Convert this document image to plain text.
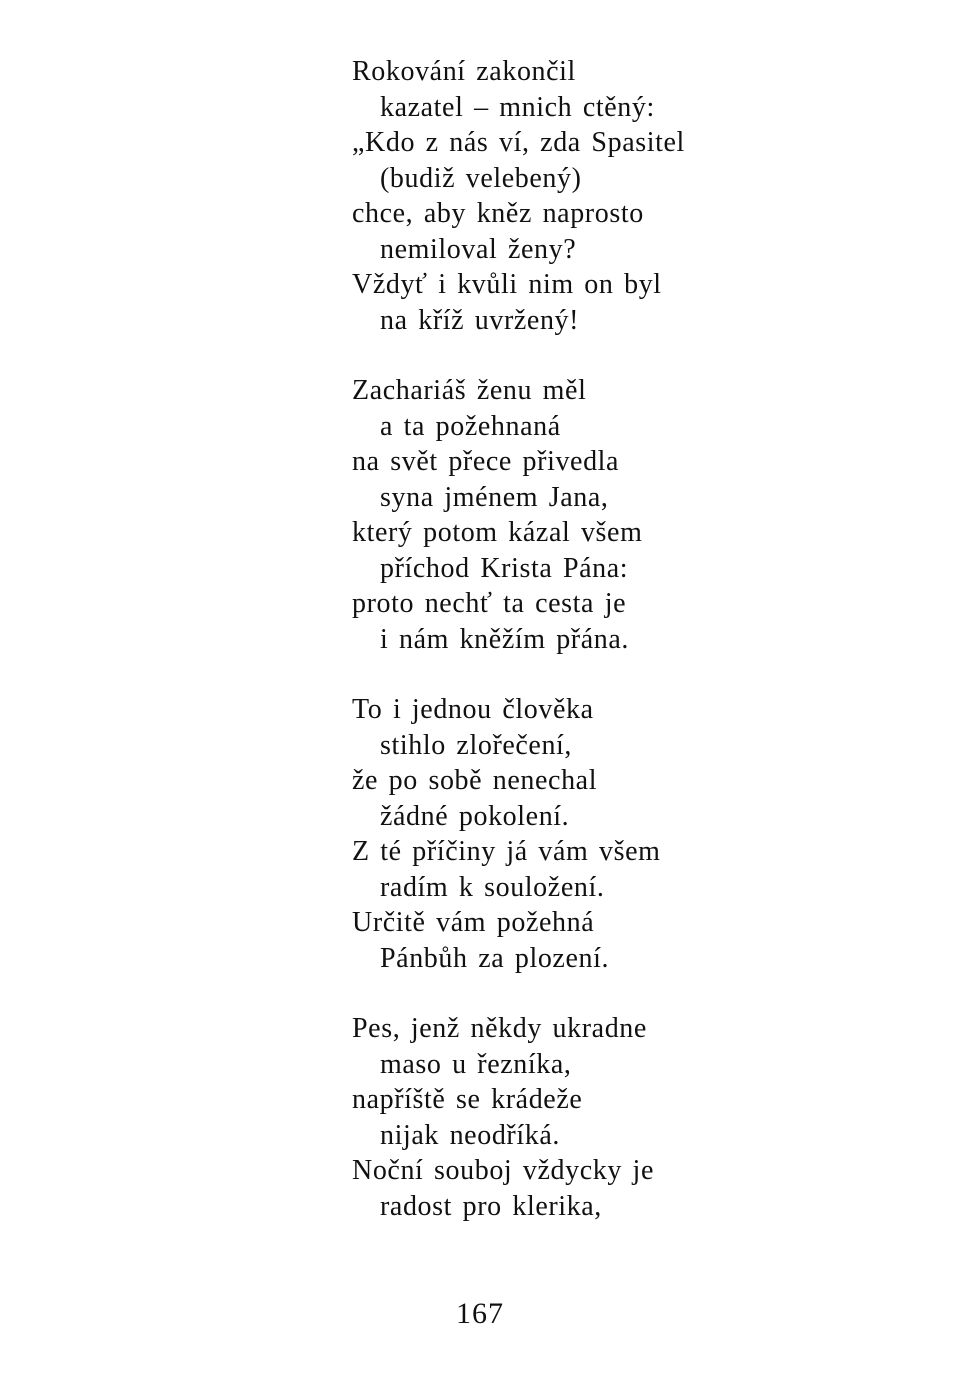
Rokování zakončil
kazatel – mnich ctěný:
„Kdo z nás ví, zda Spasitel
(budiž velebený)
chce, aby kněz naprosto
nemiloval ženy?
Vždyť i kvůli nim on byl
na kříž uvržený!
Zachariáš ženu měl
a ta požehnaná
na svět přece přivedla
syna jménem Jana,
který potom kázal všem
příchod Krista Pána:
proto nechť ta cesta je
i nám kněžím přána.
To i jednou člověka
stihlo zlořečení,
že po sobě nenechal
žádné pokolení.
Z té příčiny já vám všem
radím k souložení.
Určitě vám požehná
Pánbůh za plození.
Pes, jenž někdy ukradne
maso u řezníka,
napříště se krádeže
nijak neodříká.
Noční souboj vždycky je
radost pro klerika,
167
